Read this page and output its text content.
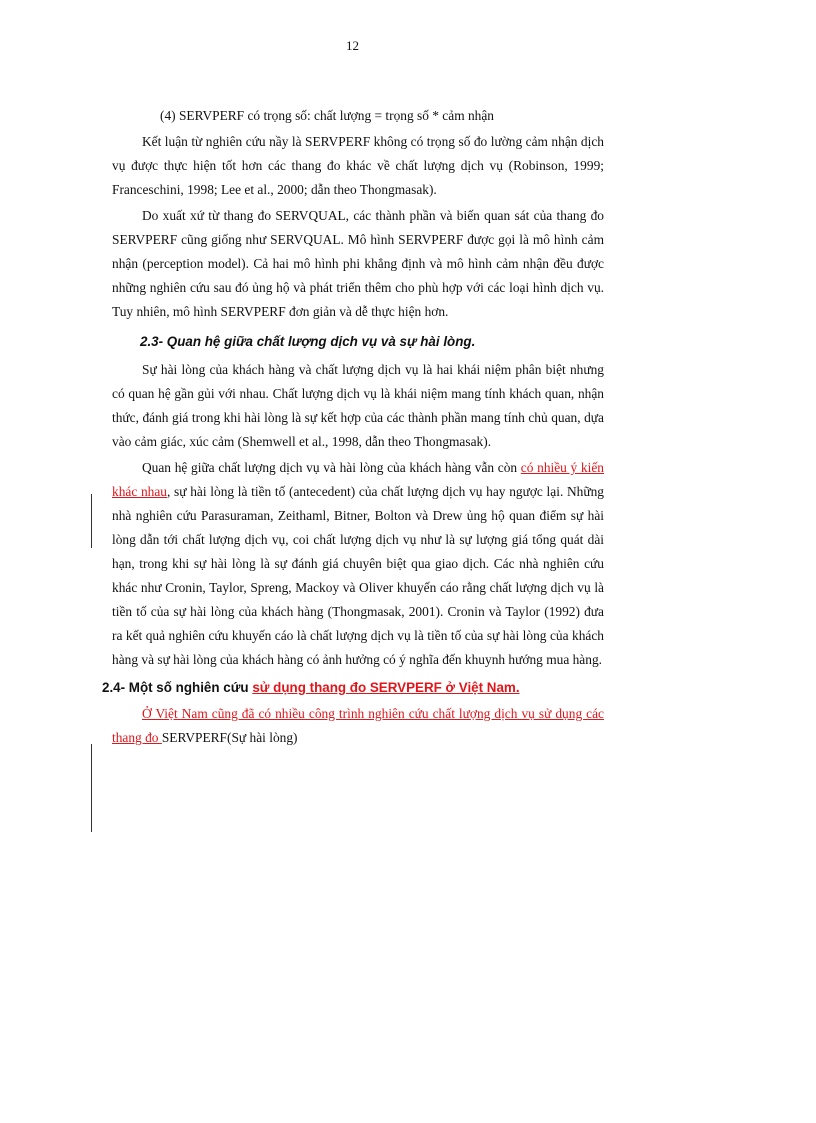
12

(4) SERVPERF có trọng số: chất lượng = trọng số * cảm nhận

Kết luận từ nghiên cứu nầy là SERVPERF không có trọng số đo lường cảm nhận dịch vụ được thực hiện tốt hơn các thang đo khác về chất lượng dịch vụ (Robinson, 1999; Franceschini, 1998; Lee et al., 2000; dẫn theo Thongmasak).

Do xuất xứ từ thang đo SERVQUAL, các thành phần và biến quan sát của thang đo SERVPERF cũng giống như SERVQUAL. Mô hình SERVPERF được gọi là mô hình cảm nhận (perception model). Cả hai mô hình phi khẳng định và mô hình cảm nhận đều được những nghiên cứu sau đó ủng hộ và phát triển thêm cho phù hợp với các loại hình dịch vụ. Tuy nhiên, mô hình SERVPERF đơn giản và dễ thực hiện hơn.

2.3- Quan hệ giữa chất lượng dịch vụ và sự hài lòng.

Sự hài lòng của khách hàng và chất lượng dịch vụ là hai khái niệm phân biệt nhưng có quan hệ gần gủi với nhau. Chất lượng dịch vụ là khái niệm mang tính khách quan, nhận thức, đánh giá trong khi hài lòng là sự kết hợp của các thành phần mang tính chủ quan, dựa vào cảm giác, xúc cảm (Shemwell et al., 1998, dẫn theo Thongmasak).

Quan hệ giữa chất lượng dịch vụ và hài lòng của khách hàng vẫn còn có nhiều ý kiến khác nhau, sự hài lòng là tiền tố (antecedent) của chất lượng dịch vụ hay ngược lại. Những nhà nghiên cứu Parasuraman, Zeithaml, Bitner, Bolton và Drew ủng hộ quan điểm sự hài lòng dẫn tới chất lượng dịch vụ, coi chất lượng dịch vụ như là sự lượng giá tổng quát dài hạn, trong khi sự hài lòng là sự đánh giá chuyên biệt qua giao dịch. Các nhà nghiên cứu khác như Cronin, Taylor, Spreng, Mackoy và Oliver khuyến cáo rằng chất lượng dịch vụ là tiền tố của sự hài lòng của khách hàng (Thongmasak, 2001). Cronin và Taylor (1992) đưa ra kết quả nghiên cứu khuyến cáo là chất lượng dịch vụ là tiền tố của sự hài lòng của khách hàng và sự hài lòng của khách hàng có ảnh hưởng có ý nghĩa đến khuynh hướng mua hàng.

2.4- Một số nghiên cứu sử dụng thang đo SERVPERF ở Việt Nam.

Ở Việt Nam cũng đã có nhiều công trình nghiên cứu chất lượng dịch vụ sử dụng các thang đo SERVPERF(Sự hài lòng)
